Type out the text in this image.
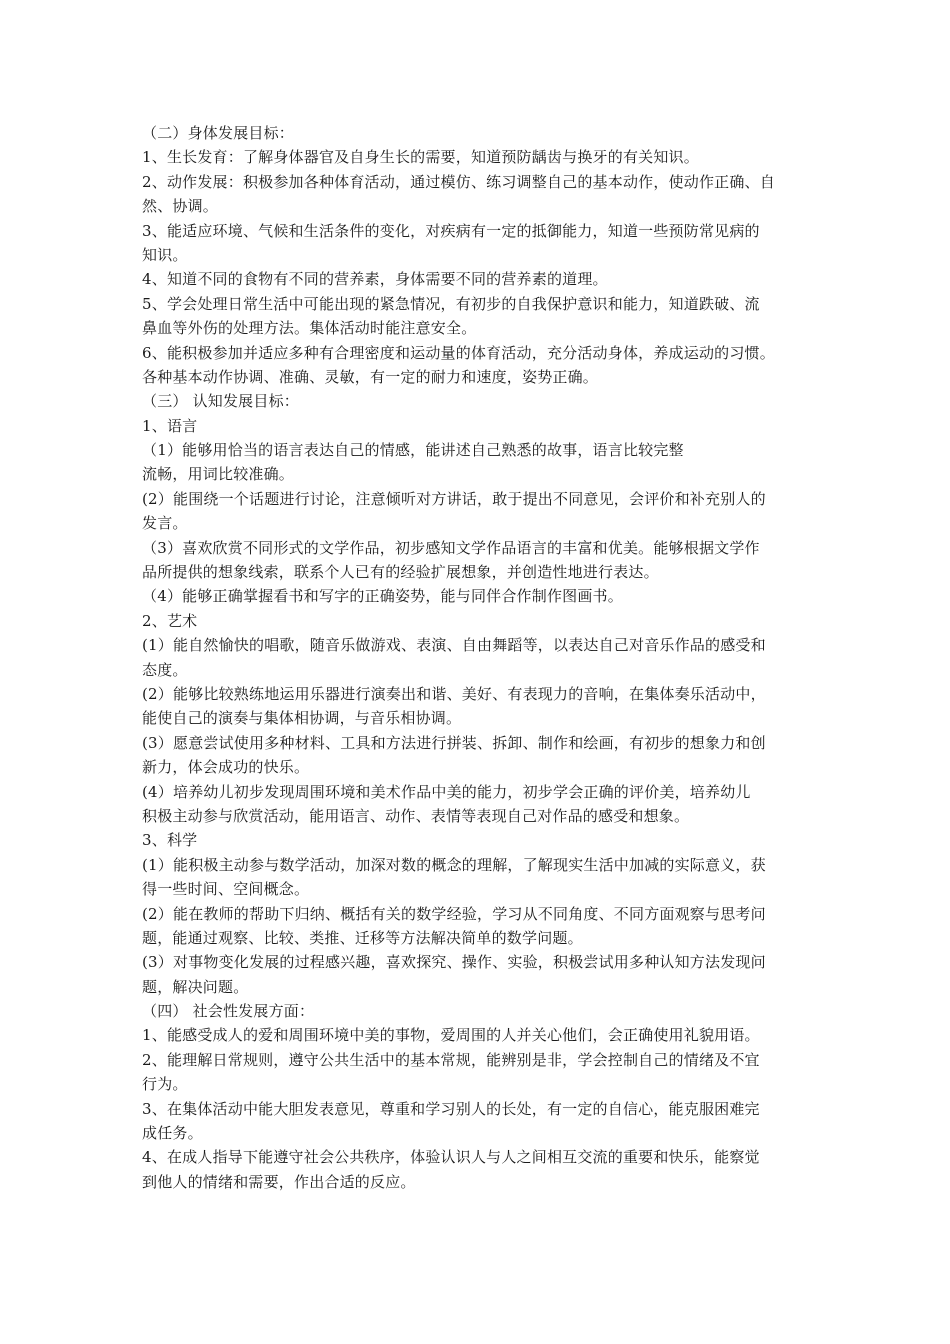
（二）身体发展目标：
1、生长发育：了解身体器官及自身生长的需要，知道预防龋齿与换牙的有关知识。
2、动作发展：积极参加各种体育活动，通过模仿、练习调整自己的基本动作，使动作正确、自
然、协调。
3、能适应环境、气候和生活条件的变化，对疾病有一定的抵御能力，知道一些预防常见病的
知识。
4、知道不同的食物有不同的营养素，身体需要不同的营养素的道理。
5、学会处理日常生活中可能出现的紧急情况，有初步的自我保护意识和能力，知道跌破、流
鼻血等外伤的处理方法。集体活动时能注意安全。
6、能积极参加并适应多种有合理密度和运动量的体育活动，充分活动身体，养成运动的习惯。
各种基本动作协调、准确、灵敏，有一定的耐力和速度，姿势正确。
（三） 认知发展目标：
1、语言
（1）能够用恰当的语言表达自己的情感，能讲述自己熟悉的故事，语言比较完整
流畅，用词比较准确。
(2）能围绕一个话题进行讨论，注意倾听对方讲话，敢于提出不同意见，会评价和补充别人的
发言。
（3）喜欢欣赏不同形式的文学作品，初步感知文学作品语言的丰富和优美。能够根据文学作
品所提供的想象线索，联系个人已有的经验扩展想象，并创造性地进行表达。
（4）能够正确掌握看书和写字的正确姿势，能与同伴合作制作图画书。
2、艺术
(1）能自然愉快的唱歌，随音乐做游戏、表演、自由舞蹈等，以表达自己对音乐作品的感受和
态度。
(2）能够比较熟练地运用乐器进行演奏出和谐、美好、有表现力的音响，在集体奏乐活动中，
能使自己的演奏与集体相协调，与音乐相协调。
(3）愿意尝试使用多种材料、工具和方法进行拼装、拆卸、制作和绘画，有初步的想象力和创
新力，体会成功的快乐。
(4）培养幼儿初步发现周围环境和美术作品中美的能力，初步学会正确的评价美，培养幼儿
积极主动参与欣赏活动，能用语言、动作、表情等表现自己对作品的感受和想象。
3、科学
(1）能积极主动参与数学活动，加深对数的概念的理解，了解现实生活中加减的实际意义，获
得一些时间、空间概念。
(2）能在教师的帮助下归纳、概括有关的数学经验，学习从不同角度、不同方面观察与思考问
题，能通过观察、比较、类推、迁移等方法解决简单的数学问题。
(3）对事物变化发展的过程感兴趣，喜欢探究、操作、实验，积极尝试用多种认知方法发现问
题，解决问题。
（四） 社会性发展方面：
1、能感受成人的爱和周围环境中美的事物，爱周围的人并关心他们，会正确使用礼貌用语。
2、能理解日常规则，遵守公共生活中的基本常规，能辨别是非，学会控制自己的情绪及不宜
行为。
3、在集体活动中能大胆发表意见，尊重和学习别人的长处，有一定的自信心，能克服困难完
成任务。
4、在成人指导下能遵守社会公共秩序，体验认识人与人之间相互交流的重要和快乐，能察觉
到他人的情绪和需要，作出合适的反应。
